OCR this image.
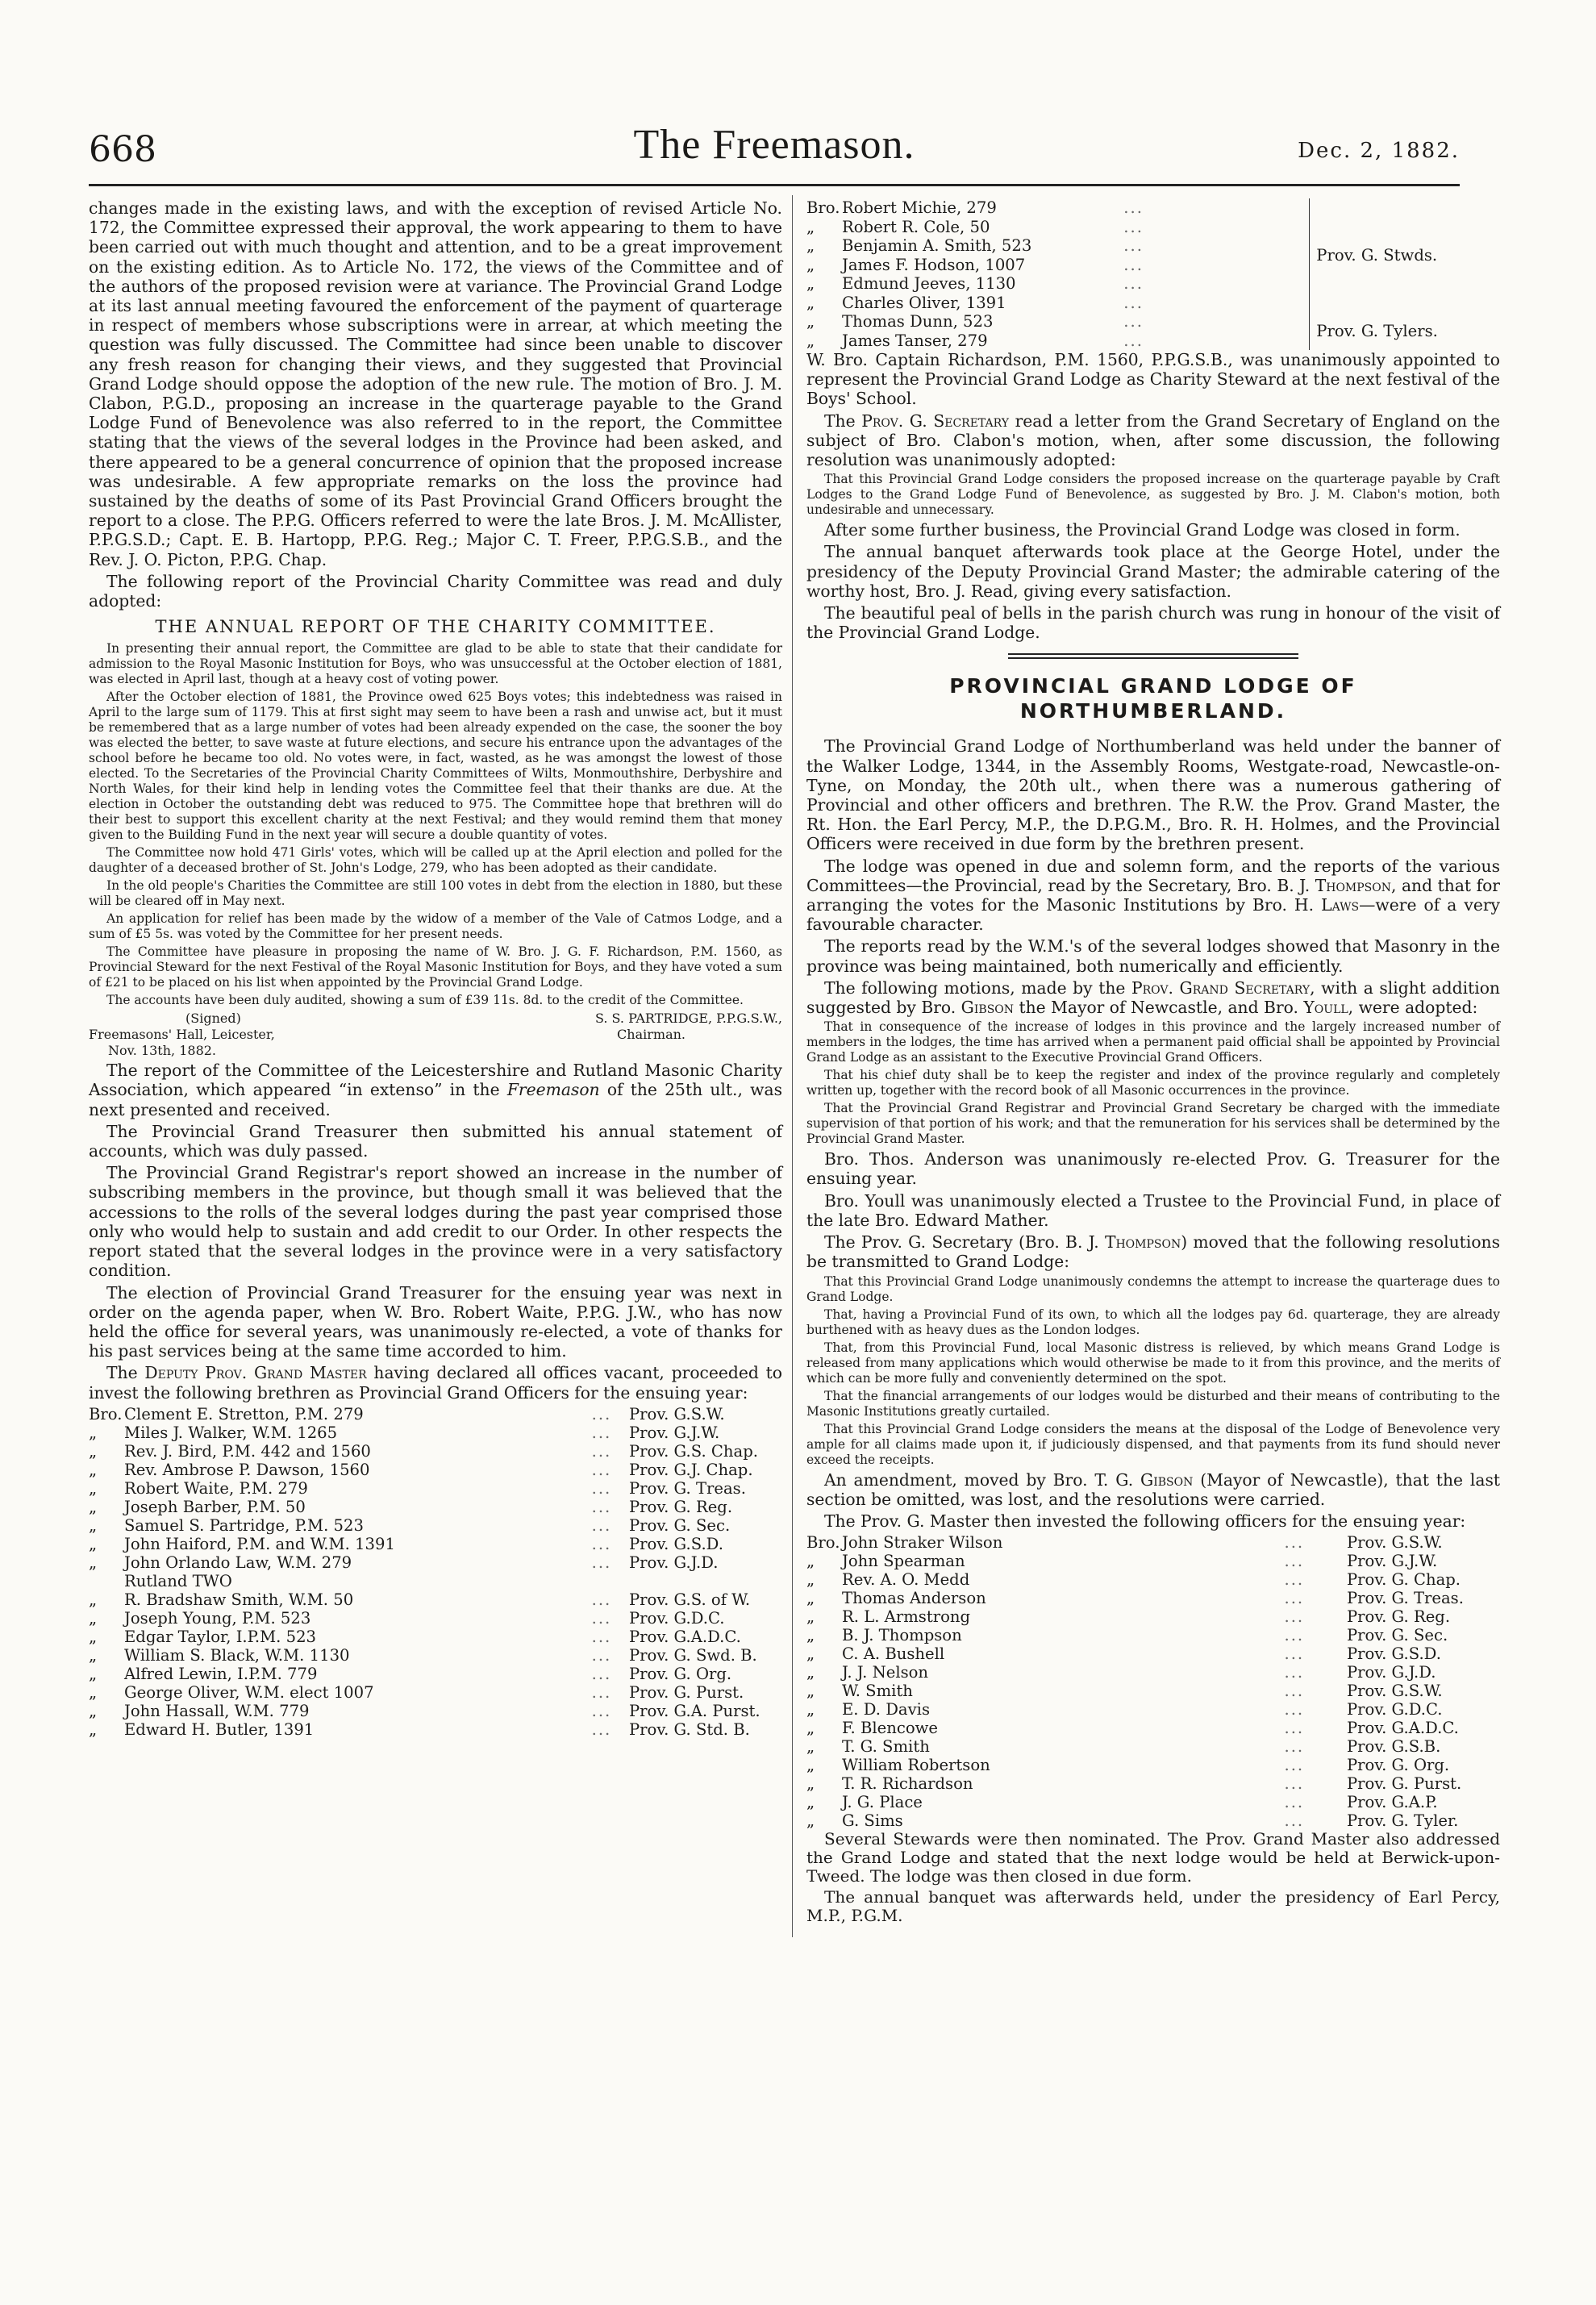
668	The Freemason.	Dec. 2, 1882.

changes made in the existing laws, and with the exception of revised Article No. 172, the Committee expressed their approval, the work appearing to them to have been carried out with much thought and attention, and to be a great improvement on the existing edition. As to Article No. 172, the views of the Committee and of the authors of the proposed revision were at variance. The Provincial Grand Lodge at its last annual meeting favoured the enforcement of the payment of quarterage in respect of members whose subscriptions were in arrear, at which meeting the question was fully discussed. The Committee had since been unable to discover any fresh reason for changing their views, and they suggested that Provincial Grand Lodge should oppose the adoption of the new rule. The motion of Bro. J. M. Clabon, P.G.D., proposing an increase in the quarterage payable to the Grand Lodge Fund of Benevolence was also referred to in the report, the Committee stating that the views of the several lodges in the Province had been asked, and there appeared to be a general concurrence of opinion that the proposed increase was undesirable. A few appropriate remarks on the loss the province had sustained by the deaths of some of its Past Provincial Grand Officers brought the report to a close. The P.P.G. Officers referred to were the late Bros. J. M. McAllister, P.P.G.S.D.; Capt. E. B. Hartopp, P.P.G. Reg.; Major C. T. Freer, P.P.G.S.B., and the Rev. J. O. Picton, P.P.G. Chap.

The following report of the Provincial Charity Committee was read and duly adopted:

THE ANNUAL REPORT OF THE CHARITY COMMITTEE.

In presenting their annual report, the Committee are glad to be able to state that their candidate for admission to the Royal Masonic Institution for Boys, who was unsuccessful at the October election of 1881, was elected in April last, though at a heavy cost of voting power.

After the October election of 1881, the Province owed 625 Boys votes; this indebtedness was raised in April to the large sum of 1179. This at first sight may seem to have been a rash and unwise act, but it must be remembered that as a large number of votes had been already expended on the case, the sooner the boy was elected the better, to save waste at future elections, and secure his entrance upon the advantages of the school before he became too old. No votes were, in fact, wasted, as he was amongst the lowest of those elected. To the Secretaries of the Provincial Charity Committees of Wilts, Monmouthshire, Derbyshire and North Wales, for their kind help in lending votes the Committee feel that their thanks are due. At the election in October the outstanding debt was reduced to 975. The Committee hope that brethren will do their best to support this excellent charity at the next Festival; and they would remind them that money given to the Building Fund in the next year will secure a double quantity of votes.

The Committee now hold 471 Girls' votes, which will be called up at the April election and polled for the daughter of a deceased brother of St. John's Lodge, 279, who has been adopted as their candidate.

In the old people's Charities the Committee are still 100 votes in debt from the election in 1880, but these will be cleared off in May next.

An application for relief has been made by the widow of a member of the Vale of Catmos Lodge, and a sum of £5 5s. was voted by the Committee for her present needs.

The Committee have pleasure in proposing the name of W. Bro. J. G. F. Richardson, P.M. 1560, as Provincial Steward for the next Festival of the Royal Masonic Institution for Boys, and they have voted a sum of £21 to be placed on his list when appointed by the Provincial Grand Lodge.

The accounts have been duly audited, showing a sum of £39 11s. 8d. to the credit of the Committee.

(Signed)	S. S. PARTRIDGE, P.P.G.S.W.,
Freemasons' Hall, Leicester,	Chairman.
Nov. 13th, 1882.

The report of the Committee of the Leicestershire and Rutland Masonic Charity Association, which appeared “in extenso” in the Freemason of the 25th ult., was next presented and received.

The Provincial Grand Treasurer then submitted his annual statement of accounts, which was duly passed.

The Provincial Grand Registrar's report showed an increase in the number of subscribing members in the province, but though small it was believed that the accessions to the rolls of the several lodges during the past year comprised those only who would help to sustain and add credit to our Order. In other respects the report stated that the several lodges in the province were in a very satisfactory condition.

The election of Provincial Grand Treasurer for the ensuing year was next in order on the agenda paper, when W. Bro. Robert Waite, P.P.G. J.W., who has now held the office for several years, was unanimously re-elected, a vote of thanks for his past services being at the same time accorded to him.

The Deputy Prov. Grand Master having declared all offices vacant, proceeded to invest the following brethren as Provincial Grand Officers for the ensuing year:

Bro.	Clement E. Stretton, P.M. 279	...	Prov. G.S.W.
„	Miles J. Walker, W.M. 1265	...	Prov. G.J.W.
„	Rev. J. Bird, P.M. 442 and 1560	...	Prov. G.S. Chap.
„	Rev. Ambrose P. Dawson, 1560	...	Prov. G.J. Chap.
„	Robert Waite, P.M. 279	...	Prov. G. Treas.
„	Joseph Barber, P.M. 50	...	Prov. G. Reg.
„	Samuel S. Partridge, P.M. 523	...	Prov. G. Sec.
„	John Haiford, P.M. and W.M. 1391	...	Prov. G.S.D.
„	John Orlando Law, W.M. 279	...	Prov. G.J.D.
	Rutland TWO		
„	R. Bradshaw Smith, W.M. 50	...	Prov. G.S. of W.
„	Joseph Young, P.M. 523	...	Prov. G.D.C.
„	Edgar Taylor, I.P.M. 523	...	Prov. G.A.D.C.
„	William S. Black, W.M. 1130	...	Prov. G. Swd. B.
„	Alfred Lewin, I.P.M. 779	...	Prov. G. Org.
„	George Oliver, W.M. elect 1007	...	Prov. G. Purst.
„	John Hassall, W.M. 779	...	Prov. G.A. Purst.
„	Edward H. Butler, 1391	...	Prov. G. Std. B.
Bro.	Robert Michie, 279	...		Prov. G. Stwds.
„	Robert R. Cole, 50	...		
„	Benjamin A. Smith, 523	...		
„	James F. Hodson, 1007	...		
„	Edmund Jeeves, 1130	...		
„	Charles Oliver, 1391	...		
„	Thomas Dunn, 523	...		Prov. G. Tylers.
„	James Tanser, 279	...		

W. Bro. Captain Richardson, P.M. 1560, P.P.G.S.B., was unanimously appointed to represent the Provincial Grand Lodge as Charity Steward at the next festival of the Boys' School.

The Prov. G. Secretary read a letter from the Grand Secretary of England on the subject of Bro. Clabon's motion, when, after some discussion, the following resolution was unanimously adopted:

That this Provincial Grand Lodge considers the proposed increase on the quarterage payable by Craft Lodges to the Grand Lodge Fund of Benevolence, as suggested by Bro. J. M. Clabon's motion, both undesirable and unnecessary.

After some further business, the Provincial Grand Lodge was closed in form.

The annual banquet afterwards took place at the George Hotel, under the presidency of the Deputy Provincial Grand Master; the admirable catering of the worthy host, Bro. J. Read, giving every satisfaction.

The beautiful peal of bells in the parish church was rung in honour of the visit of the Provincial Grand Lodge.

PROVINCIAL GRAND LODGE OF
NORTHUMBERLAND.

The Provincial Grand Lodge of Northumberland was held under the banner of the Walker Lodge, 1344, in the Assembly Rooms, Westgate-road, Newcastle-on-Tyne, on Monday, the 20th ult., when there was a numerous gathering of Provincial and other officers and brethren. The R.W. the Prov. Grand Master, the Rt. Hon. the Earl Percy, M.P., the D.P.G.M., Bro. R. H. Holmes, and the Provincial Officers were received in due form by the brethren present.

The lodge was opened in due and solemn form, and the reports of the various Committees—the Provincial, read by the Secretary, Bro. B. J. Thompson, and that for arranging the votes for the Masonic Institutions by Bro. H. Laws—were of a very favourable character.

The reports read by the W.M.'s of the several lodges showed that Masonry in the province was being maintained, both numerically and efficiently.

The following motions, made by the Prov. Grand Secretary, with a slight addition suggested by Bro. Gibson the Mayor of Newcastle, and Bro. Youll, were adopted:

That in consequence of the increase of lodges in this province and the largely increased number of members in the lodges, the time has arrived when a permanent paid official shall be appointed by Provincial Grand Lodge as an assistant to the Executive Provincial Grand Officers.

That his chief duty shall be to keep the register and index of the province regularly and completely written up, together with the record book of all Masonic occurrences in the province.

That the Provincial Grand Registrar and Provincial Grand Secretary be charged with the immediate supervision of that portion of his work; and that the remuneration for his services shall be determined by the Provincial Grand Master.

Bro. Thos. Anderson was unanimously re-elected Prov. G. Treasurer for the ensuing year.

Bro. Youll was unanimously elected a Trustee to the Provincial Fund, in place of the late Bro. Edward Mather.

The Prov. G. Secretary (Bro. B. J. Thompson) moved that the following resolutions be transmitted to Grand Lodge:

That this Provincial Grand Lodge unanimously condemns the attempt to increase the quarterage dues to Grand Lodge.

That, having a Provincial Fund of its own, to which all the lodges pay 6d. quarterage, they are already burthened with as heavy dues as the London lodges.

That, from this Provincial Fund, local Masonic distress is relieved, by which means Grand Lodge is released from many applications which would otherwise be made to it from this province, and the merits of which can be more fully and conveniently determined on the spot.

That the financial arrangements of our lodges would be disturbed and their means of contributing to the Masonic Institutions greatly curtailed.

That this Provincial Grand Lodge considers the means at the disposal of the Lodge of Benevolence very ample for all claims made upon it, if judiciously dispensed, and that payments from its fund should never exceed the receipts.

An amendment, moved by Bro. T. G. Gibson (Mayor of Newcastle), that the last section be omitted, was lost, and the resolutions were carried.

The Prov. G. Master then invested the following officers for the ensuing year:

Bro.	John Straker Wilson	...	Prov. G.S.W.
„	John Spearman	...	Prov. G.J.W.
„	Rev. A. O. Medd	...	Prov. G. Chap.
„	Thomas Anderson	...	Prov. G. Treas.
„	R. L. Armstrong	...	Prov. G. Reg.
„	B. J. Thompson	...	Prov. G. Sec.
„	C. A. Bushell	...	Prov. G.S.D.
„	J. J. Nelson	...	Prov. G.J.D.
„	W. Smith	...	Prov. G.S.W.
„	E. D. Davis	...	Prov. G.D.C.
„	F. Blencowe	...	Prov. G.A.D.C.
„	T. G. Smith	...	Prov. G.S.B.
„	William Robertson	...	Prov. G. Org.
„	T. R. Richardson	...	Prov. G. Purst.
„	J. G. Place	...	Prov. G.A.P.
„	G. Sims	...	Prov. G. Tyler.

Several Stewards were then nominated. The Prov. Grand Master also addressed the Grand Lodge and stated that the next lodge would be held at Berwick-upon-Tweed. The lodge was then closed in due form.

The annual banquet was afterwards held, under the presidency of Earl Percy, M.P., P.G.M.
